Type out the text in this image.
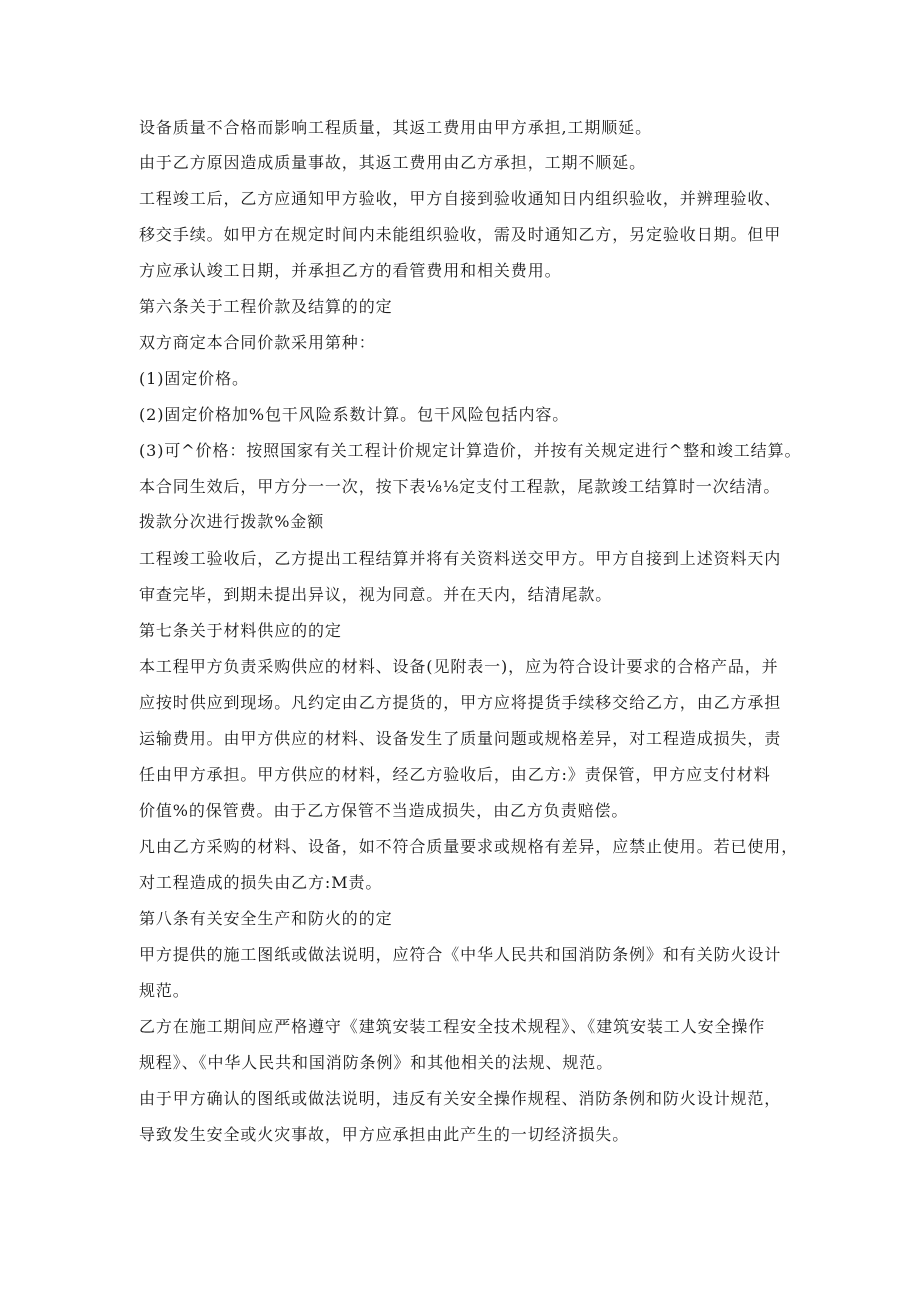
设备质量不合格而影响工程质量，其返工费用由甲方承担,工期顺延。
由于乙方原因造成质量事故，其返工费用由乙方承担，工期不顺延。
工程竣工后，乙方应通知甲方验收，甲方自接到验收通知日内组织验收，并辨理验收、
移交手续。如甲方在规定时间内未能组织验收，需及时通知乙方，另定验收日期。但甲
方应承认竣工日期，并承担乙方的看管费用和相关费用。
第六条关于工程价款及结算的的定
双方商定本合同价款采用第种：
(1)固定价格。
(2)固定价格加%包干风险系数计算。包干风险包括内容。
(3)可^价格：按照国家有关工程计价规定计算造价，并按有关规定进行^整和竣工结算。
本合同生效后，甲方分一一次，按下表⅛⅛定支付工程款，尾款竣工结算时一次结清。
拨款分次进行拨款%金额
工程竣工验收后，乙方提出工程结算并将有关资料送交甲方。甲方自接到上述资料天内
审查完毕，到期未提出异议，视为同意。并在天内，结清尾款。
第七条关于材料供应的的定
本工程甲方负责采购供应的材料、设备(见附表一)，应为符合设计要求的合格产品，并
应按时供应到现场。凡约定由乙方提货的，甲方应将提货手续移交给乙方，由乙方承担
运输费用。由甲方供应的材料、设备发生了质量问题或规格差异，对工程造成损失，责
任由甲方承担。甲方供应的材料，经乙方验收后，由乙方:》责保管，甲方应支付材料
价值%的保管费。由于乙方保管不当造成损失，由乙方负责赔偿。
凡由乙方采购的材料、设备，如不符合质量要求或规格有差异，应禁止使用。若已使用，
对工程造成的损失由乙方:M责。
第八条有关安全生产和防火的的定
甲方提供的施工图纸或做法说明，应符合《中华人民共和国消防条例》和有关防火设计
规范。
乙方在施工期间应严格遵守《建筑安装工程安全技术规程》、《建筑安装工人安全操作
规程》、《中华人民共和国消防条例》和其他相关的法规、规范。
由于甲方确认的图纸或做法说明，违反有关安全操作规程、消防条例和防火设计规范，
导致发生安全或火灾事故，甲方应承担由此产生的一切经济损失。
